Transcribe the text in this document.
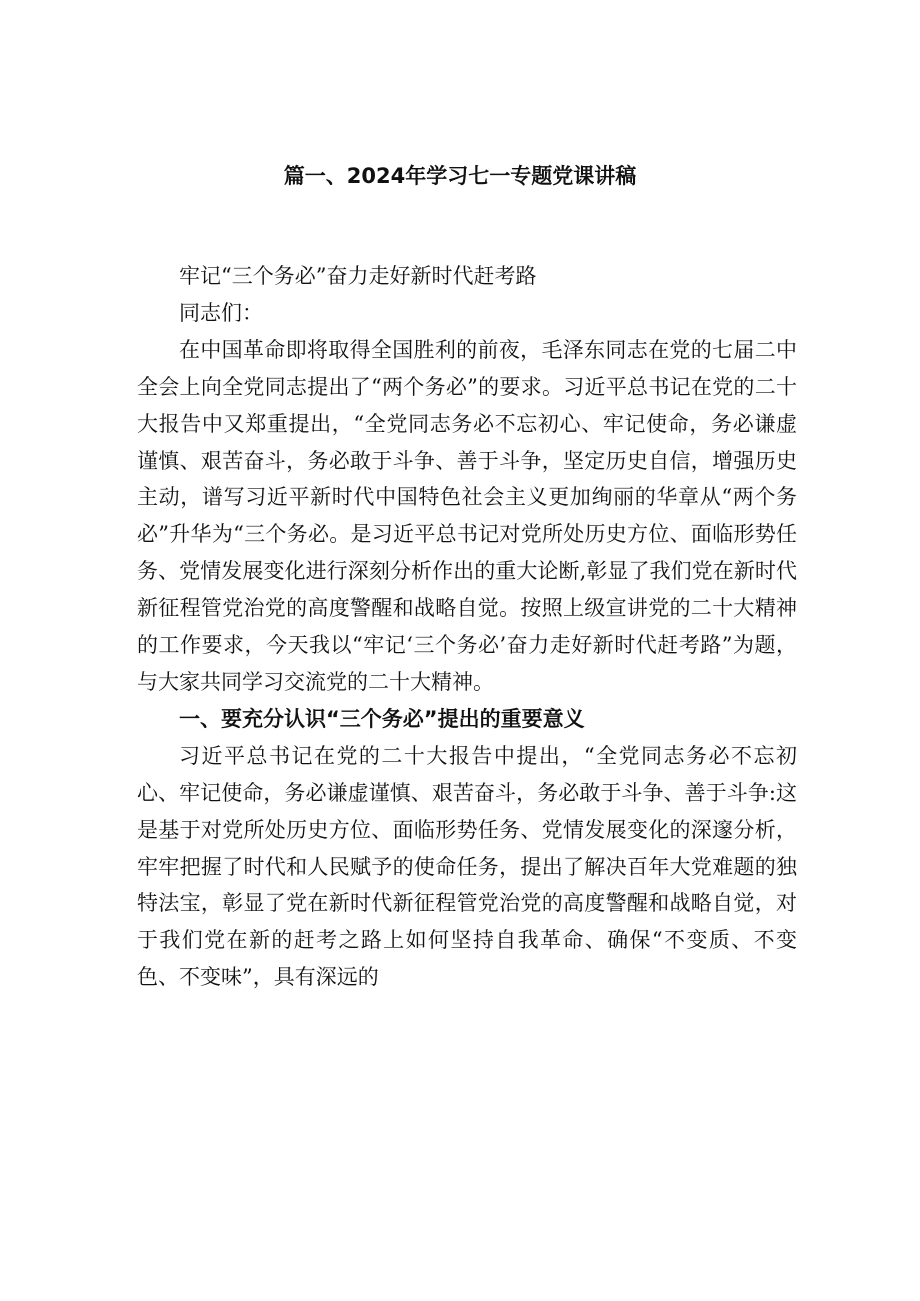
篇一、2024年学习七一专题党课讲稿

牢记“三个务必”奋力走好新时代赶考路

同志们：

在中国革命即将取得全国胜利的前夜，毛泽东同志在党的七届二中全会上向全党同志提出了“两个务必”的要求。习近平总书记在党的二十大报告中又郑重提出，“全党同志务必不忘初心、牢记使命，务必谦虚谨慎、艰苦奋斗，务必敢于斗争、善于斗争，坚定历史自信，增强历史主动，谱写习近平新时代中国特色社会主义更加绚丽的华章从“两个务必”升华为“三个务必。是习近平总书记对党所处历史方位、面临形势任务、党情发展变化进行深刻分析作出的重大论断,彰显了我们党在新时代新征程管党治党的高度警醒和战略自觉。按照上级宣讲党的二十大精神的工作要求，今天我以“牢记‘三个务必’奋力走好新时代赶考路”为题，与大家共同学习交流党的二十大精神。

一、要充分认识“三个务必”提出的重要意义

习近平总书记在党的二十大报告中提出，“全党同志务必不忘初心、牢记使命，务必谦虚谨慎、艰苦奋斗，务必敢于斗争、善于斗争:这是基于对党所处历史方位、面临形势任务、党情发展变化的深邃分析，牢牢把握了时代和人民赋予的使命任务，提出了解决百年大党难题的独特法宝，彰显了党在新时代新征程管党治党的高度警醒和战略自觉，对于我们党在新的赶考之路上如何坚持自我革命、确保“不变质、不变色、不变味”，具有深远的
